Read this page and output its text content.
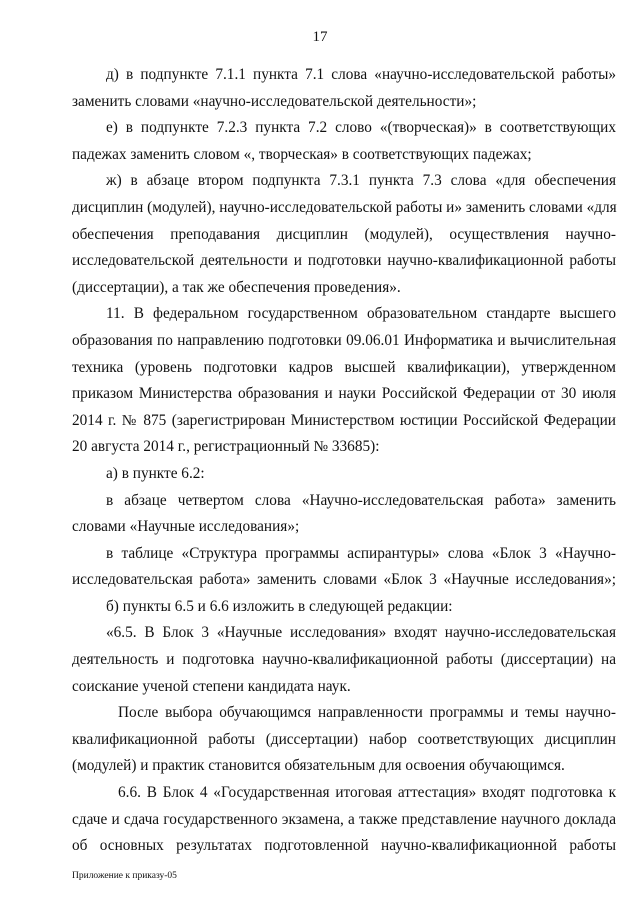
17
д) в подпункте 7.1.1 пункта 7.1 слова «научно-исследовательской работы»
заменить словами «научно-исследовательской деятельности»;
е) в подпункте 7.2.3 пункта 7.2 слово «(творческая)» в соответствующих
падежах заменить словом «, творческая» в соответствующих падежах;
ж) в абзаце втором подпункта 7.3.1 пункта 7.3 слова «для обеспечения
дисциплин (модулей), научно-исследовательской работы и» заменить словами «для
обеспечения преподавания дисциплин (модулей), осуществления научно-
исследовательской деятельности и подготовки научно-квалификационной работы
(диссертации), а так же обеспечения проведения».
11. В федеральном государственном образовательном стандарте высшего
образования по направлению подготовки 09.06.01 Информатика и вычислительная
техника (уровень подготовки кадров высшей квалификации), утвержденном
приказом Министерства образования и науки Российской Федерации от 30 июля
2014 г. № 875 (зарегистрирован Министерством юстиции Российской Федерации
20 августа 2014 г., регистрационный № 33685):
а) в пункте 6.2:
в абзаце четвертом слова «Научно-исследовательская работа» заменить
словами «Научные исследования»;
в таблице «Структура программы аспирантуры» слова «Блок 3 «Научно-
исследовательская работа» заменить словами «Блок 3 «Научные исследования»;
б) пункты 6.5 и 6.6 изложить в следующей редакции:
«6.5. В Блок 3 «Научные исследования» входят научно-исследовательская
деятельность и подготовка научно-квалификационной работы (диссертации) на
соискание ученой степени кандидата наук.
После выбора обучающимся направленности программы и темы научно-
квалификационной работы (диссертации) набор соответствующих дисциплин
(модулей) и практик становится обязательным для освоения обучающимся.
6.6. В Блок 4 «Государственная итоговая аттестация» входят подготовка к
сдаче и сдача государственного экзамена, а также представление научного доклада
об основных результатах подготовленной научно-квалификационной работы
Приложение к приказу-05
